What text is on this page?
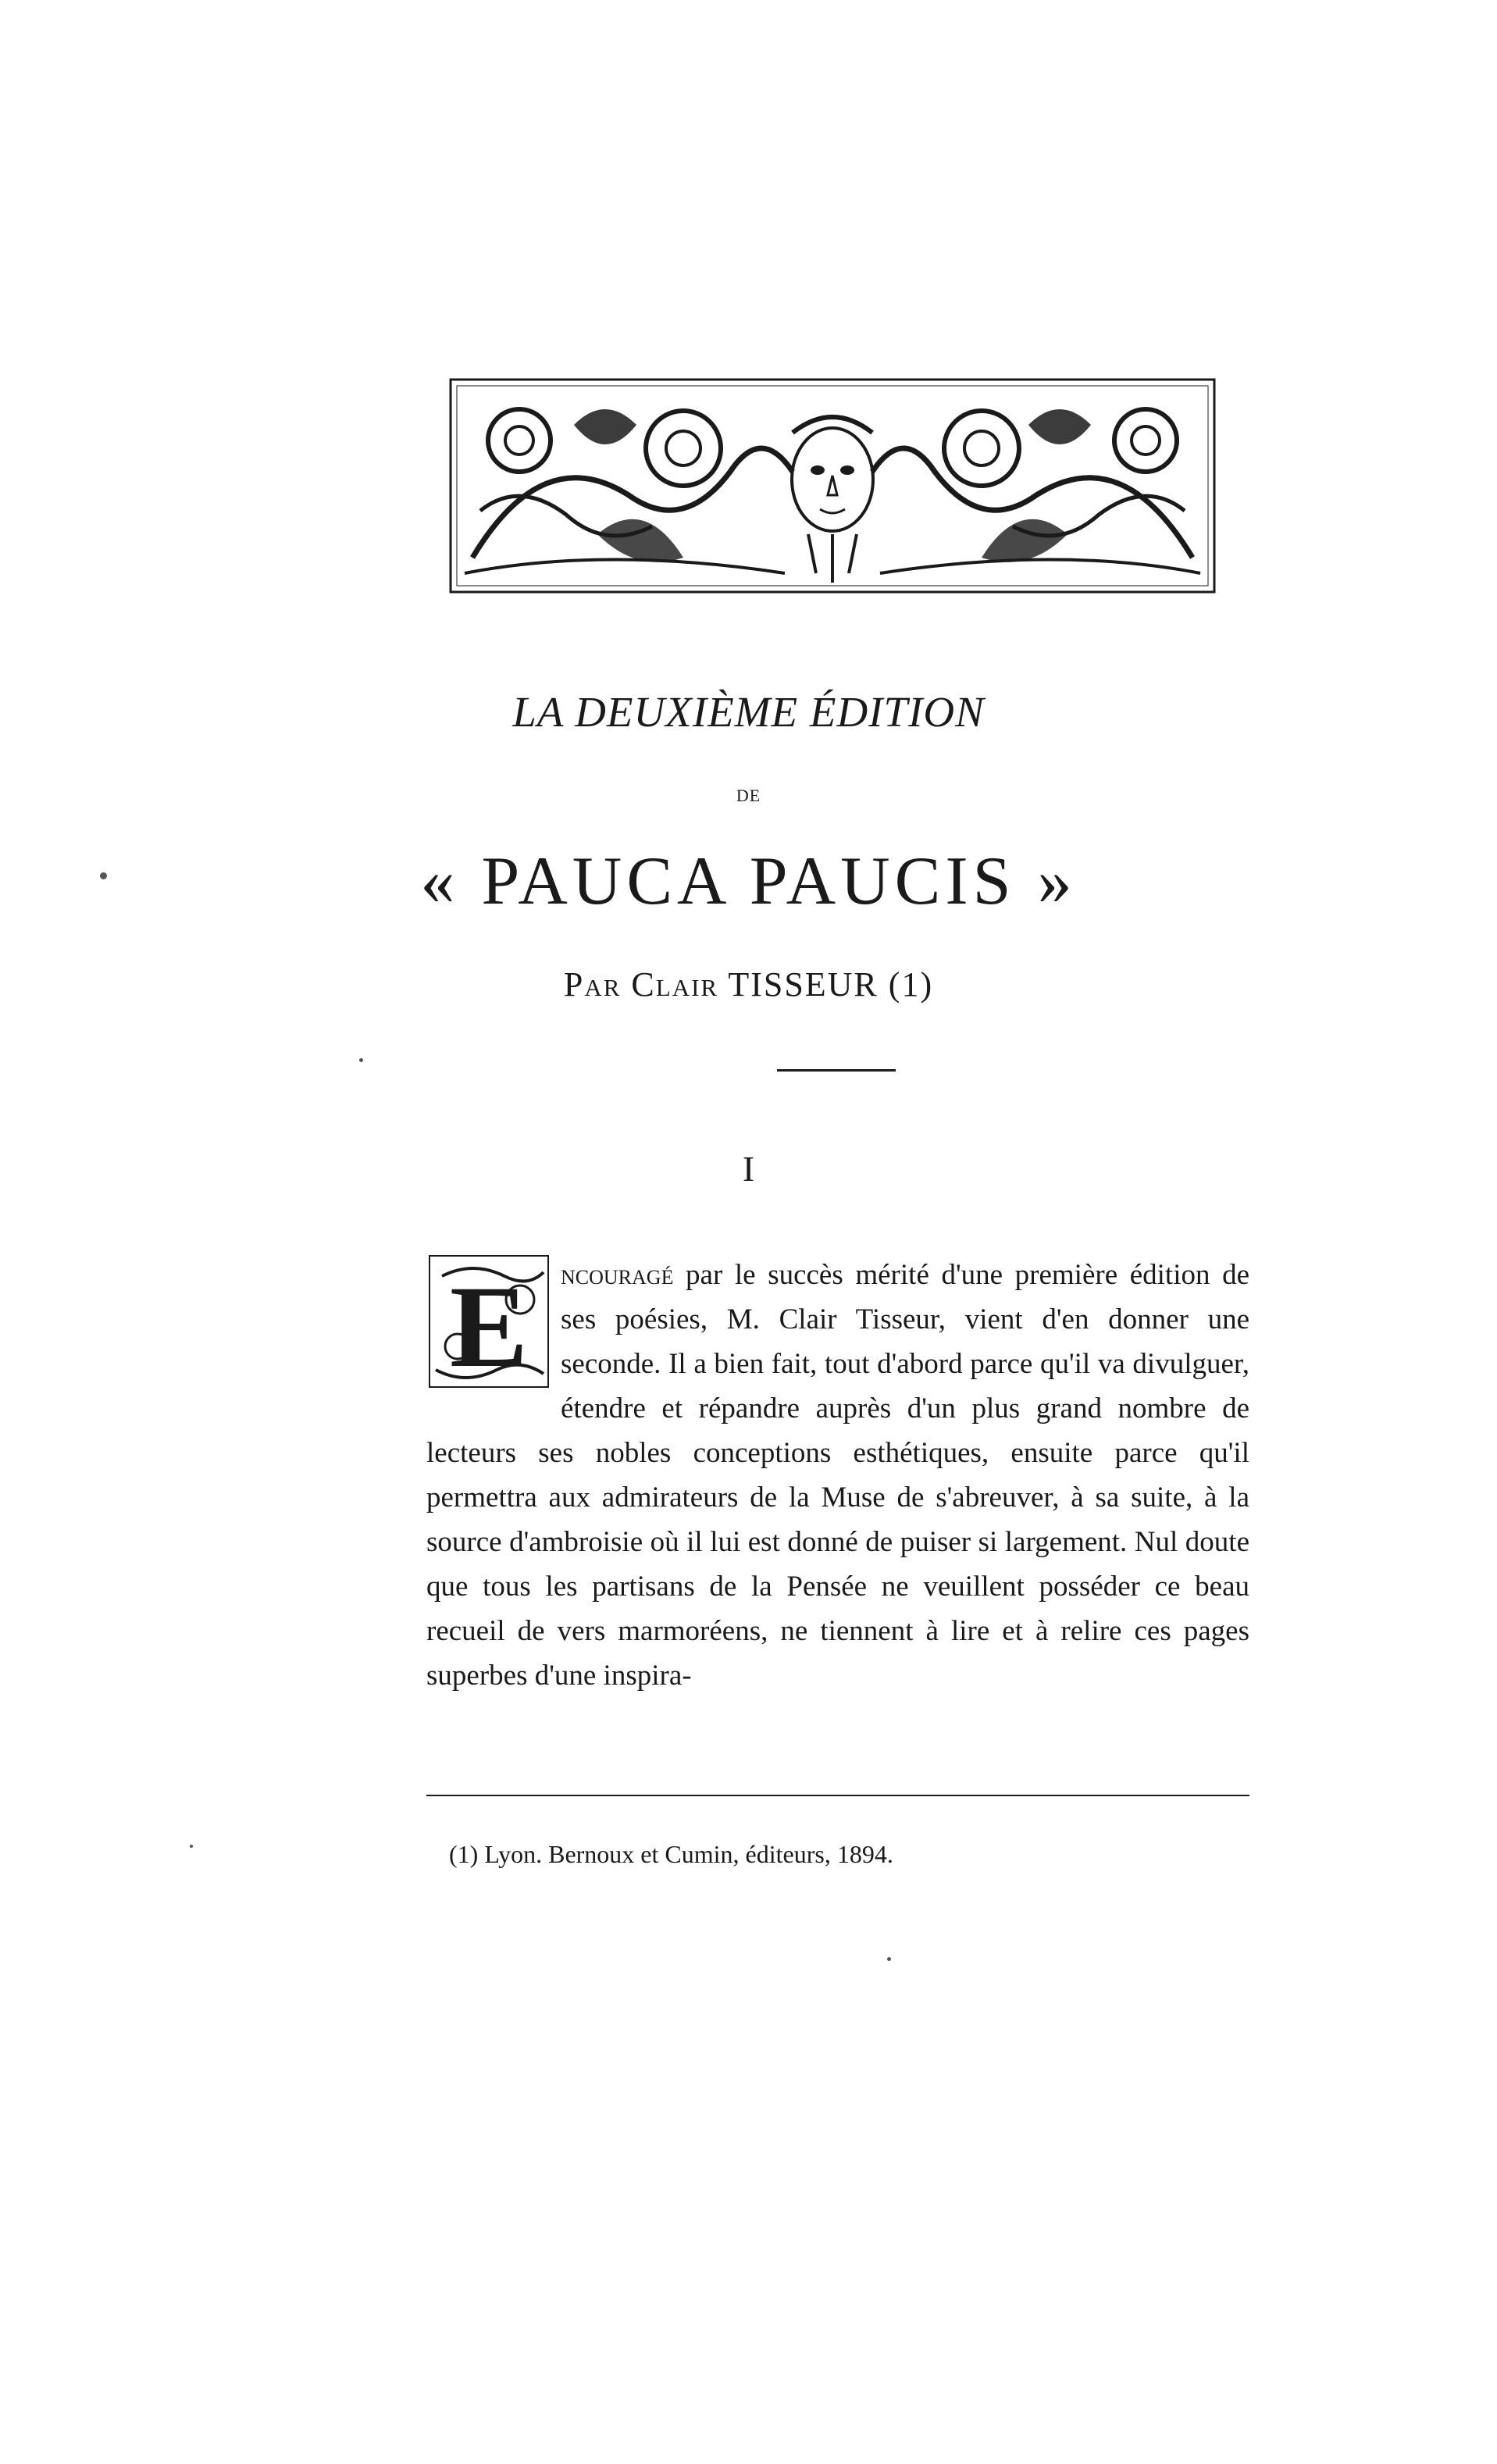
LA DEUXIÈME ÉDITION
DE
« PAUCA PAUCIS »
Par Clair TISSEUR (1)
I
E	ncouragé par le succès mérité d'une première édition de ses poésies, M. Clair Tisseur, vient d'en donner une seconde. Il a bien fait, tout d'abord parce qu'il va divulguer, étendre et répandre auprès d'un plus grand nombre de lecteurs ses nobles conceptions esthétiques, ensuite parce qu'il permettra aux admirateurs de la Muse de s'abreuver, à sa suite, à la source d'ambroisie où il lui est donné de puiser si largement. Nul doute que tous les partisans de la Pensée ne veuillent posséder ce beau recueil de vers marmoréens, ne tiennent à lire et à relire ces pages superbes d'une inspira-
(1) Lyon. Bernoux et Cumin, éditeurs, 1894.
